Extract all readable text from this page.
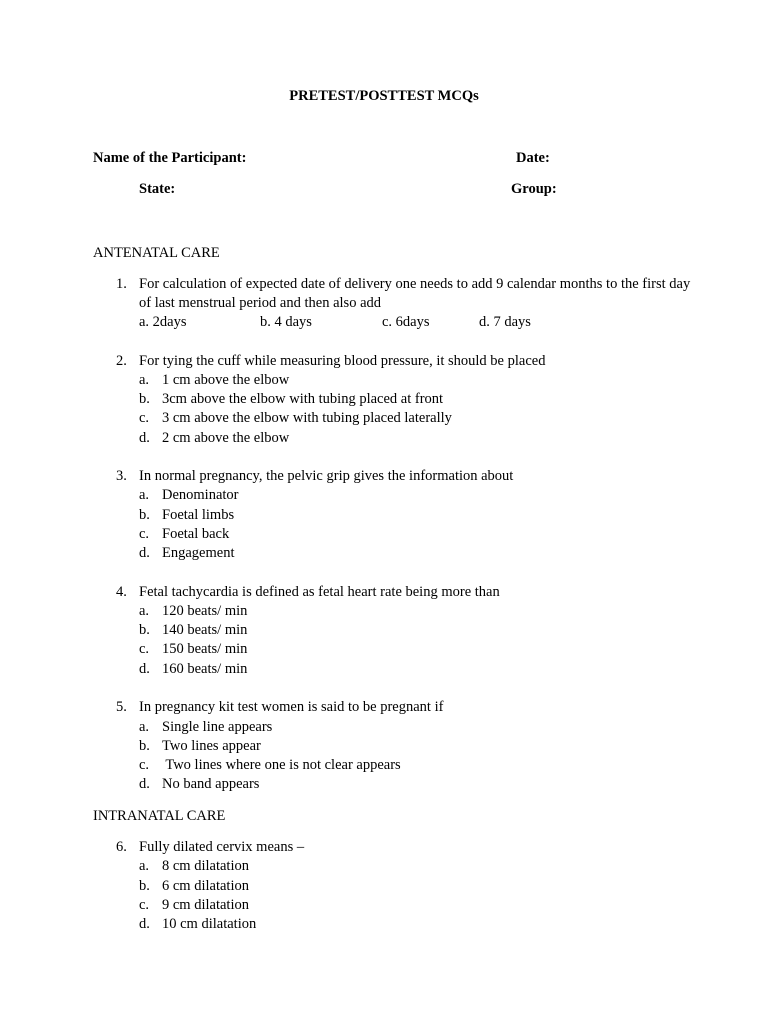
PRETEST/POSTTEST MCQs
Name of the Participant:	Date:
State:	Group:
ANTENATAL CARE
1. For calculation of expected date of delivery one needs to add 9 calendar months to the first day of last menstrual period and then also add
a. 2days	b. 4 days	c. 6days	d. 7 days
2. For tying the cuff while measuring blood pressure, it should be placed
a. 1 cm above the elbow
b. 3cm above the elbow with tubing placed at front
c. 3 cm above the elbow with tubing placed laterally
d. 2 cm above the elbow
3. In normal pregnancy, the pelvic grip gives the information about
a. Denominator
b. Foetal limbs
c. Foetal back
d. Engagement
4. Fetal tachycardia is defined as fetal heart rate being more than
a. 120 beats/ min
b. 140 beats/ min
c. 150 beats/ min
d. 160 beats/ min
5. In pregnancy kit test women is said to be pregnant if
a. Single line appears
b. Two lines appear
c. Two lines where one is not clear appears
d. No band appears
INTRANATAL CARE
6. Fully dilated cervix means –
a. 8 cm dilatation
b. 6 cm dilatation
c. 9 cm dilatation
d. 10 cm dilatation
